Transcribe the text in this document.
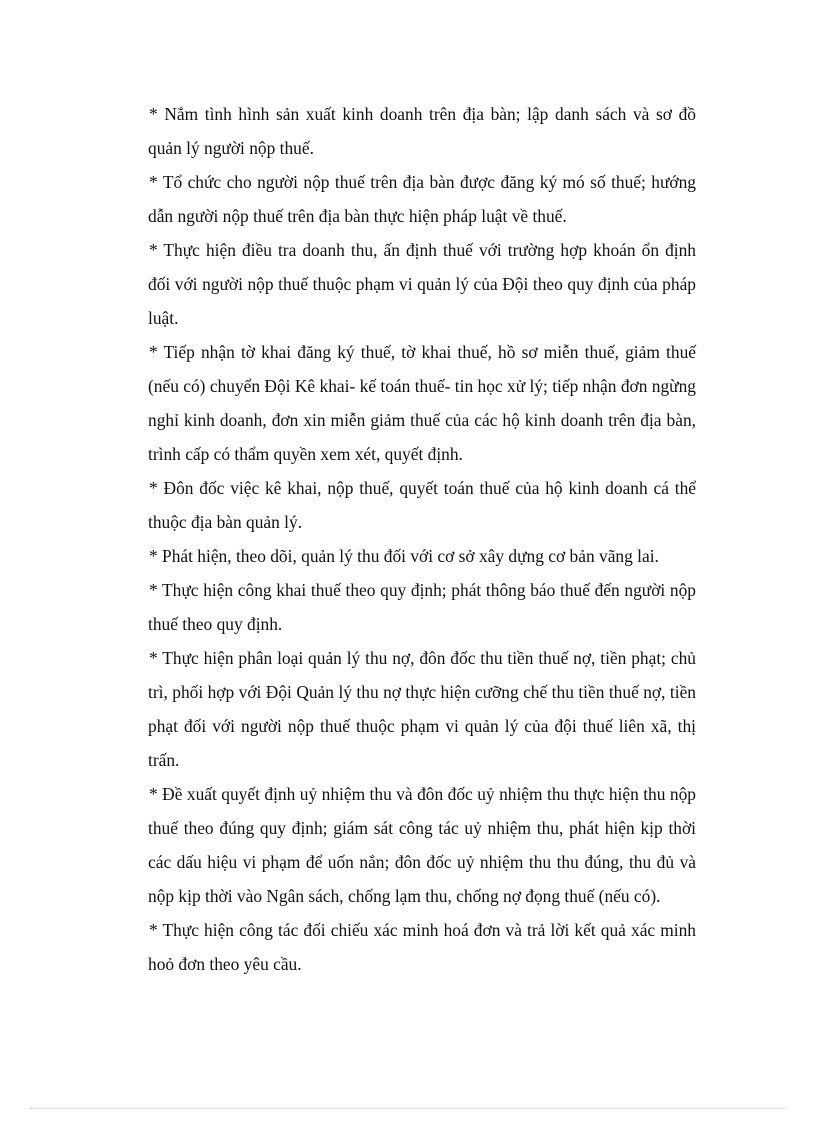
* Nắm tình hình sản xuất kinh doanh trên địa bàn; lập danh sách và sơ đồ quản lý người nộp thuế.

* Tổ chức cho người nộp thuế trên địa bàn được đăng ký mó số thuế; hướng dẫn người nộp thuế trên địa bàn thực hiện pháp luật về thuế.

* Thực hiện điều tra doanh thu, ấn định thuế với trường hợp khoán ổn định đối với người nộp thuế thuộc phạm vi quản lý của Đội theo quy định của pháp luật.

* Tiếp nhận tờ khai đăng ký thuế, tờ khai thuế, hồ sơ miễn thuế, giảm thuế (nếu có) chuyển Đội Kê khai- kế toán thuế- tin học xử lý; tiếp nhận đơn ngừng nghỉ kinh doanh, đơn xin miễn giảm thuế của các hộ kinh doanh trên địa bàn, trình cấp có thẩm quyền xem xét, quyết định.

* Đôn đốc việc kê khai, nộp thuế, quyết toán thuế của hộ kinh doanh cá thể thuộc địa bàn quản lý.

* Phát hiện, theo dõi, quản lý thu đối với cơ sở xây dựng cơ bản vãng lai.

* Thực hiện công khai thuế theo quy định; phát thông báo thuế đến người nộp thuế theo quy định.

* Thực hiện phân loại quản lý thu nợ, đôn đốc thu tiền thuế nợ, tiền phạt; chủ trì, phối hợp với Đội Quản lý thu nợ thực hiện cưỡng chế thu tiền thuế nợ, tiền phạt đối với người nộp thuế thuộc phạm vi quản lý của đội thuế liên xã, thị trấn.

* Đề xuất quyết định uỷ nhiệm thu và đôn đốc uỷ nhiệm thu thực hiện thu nộp thuế theo đúng quy định; giám sát công tác uỷ nhiệm thu, phát hiện kịp thời các dấu hiệu vi phạm để uốn nắn; đôn đốc uỷ nhiệm thu thu đúng, thu đủ và nộp kịp thời vào Ngân sách, chống lạm thu, chống nợ đọng thuế (nếu có).

* Thực hiện công tác đối chiếu xác minh hoá đơn và trả lời kết quả xác minh hoỏ đơn theo yêu cầu.
